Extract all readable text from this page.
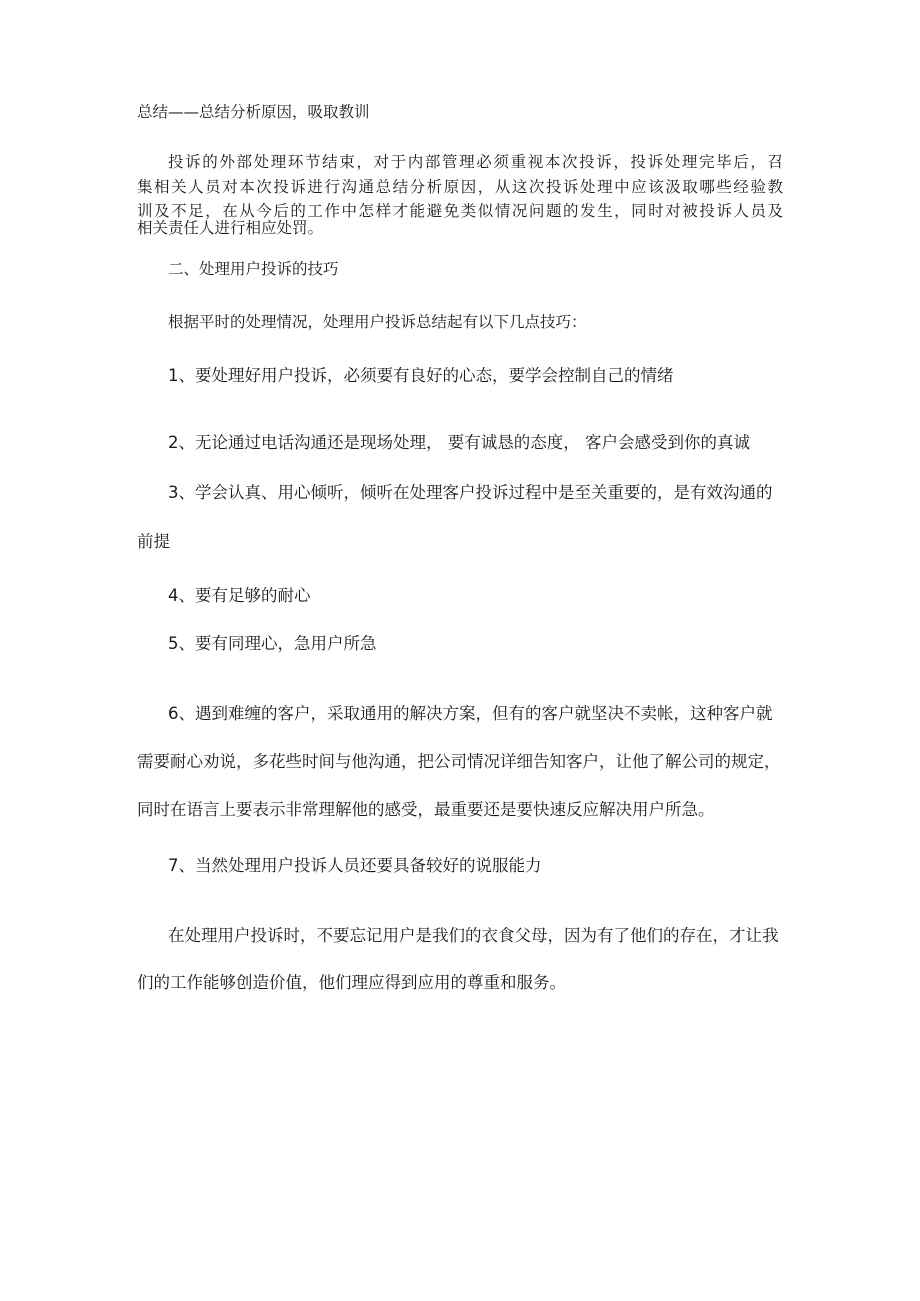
总结——总结分析原因，吸取教训
投诉的外部处理环节结束，对于内部管理必须重视本次投诉，投诉处理完毕后，召
集相关人员对本次投诉进行沟通总结分析原因，从这次投诉处理中应该汲取哪些经验教
训及不足，在从今后的工作中怎样才能避免类似情况问题的发生，同时对被投诉人员及
相关责任人进行相应处罚。
二、处理用户投诉的技巧
根据平时的处理情况，处理用户投诉总结起有以下几点技巧：
1、要处理好用户投诉，必须要有良好的心态，要学会控制自己的情绪
2、无论通过电话沟通还是现场处理， 要有诚恳的态度， 客户会感受到你的真诚
3、学会认真、用心倾听，倾听在处理客户投诉过程中是至关重要的，是有效沟通的
前提
4、要有足够的耐心
5、要有同理心，急用户所急
6、遇到难缠的客户，采取通用的解决方案，但有的客户就坚决不卖帐，这种客户就
需要耐心劝说，多花些时间与他沟通，把公司情况详细告知客户，让他了解公司的规定，
同时在语言上要表示非常理解他的感受，最重要还是要快速反应解决用户所急。
7、当然处理用户投诉人员还要具备较好的说服能力
在处理用户投诉时，不要忘记用户是我们的衣食父母，因为有了他们的存在，才让我
们的工作能够创造价值，他们理应得到应用的尊重和服务。
